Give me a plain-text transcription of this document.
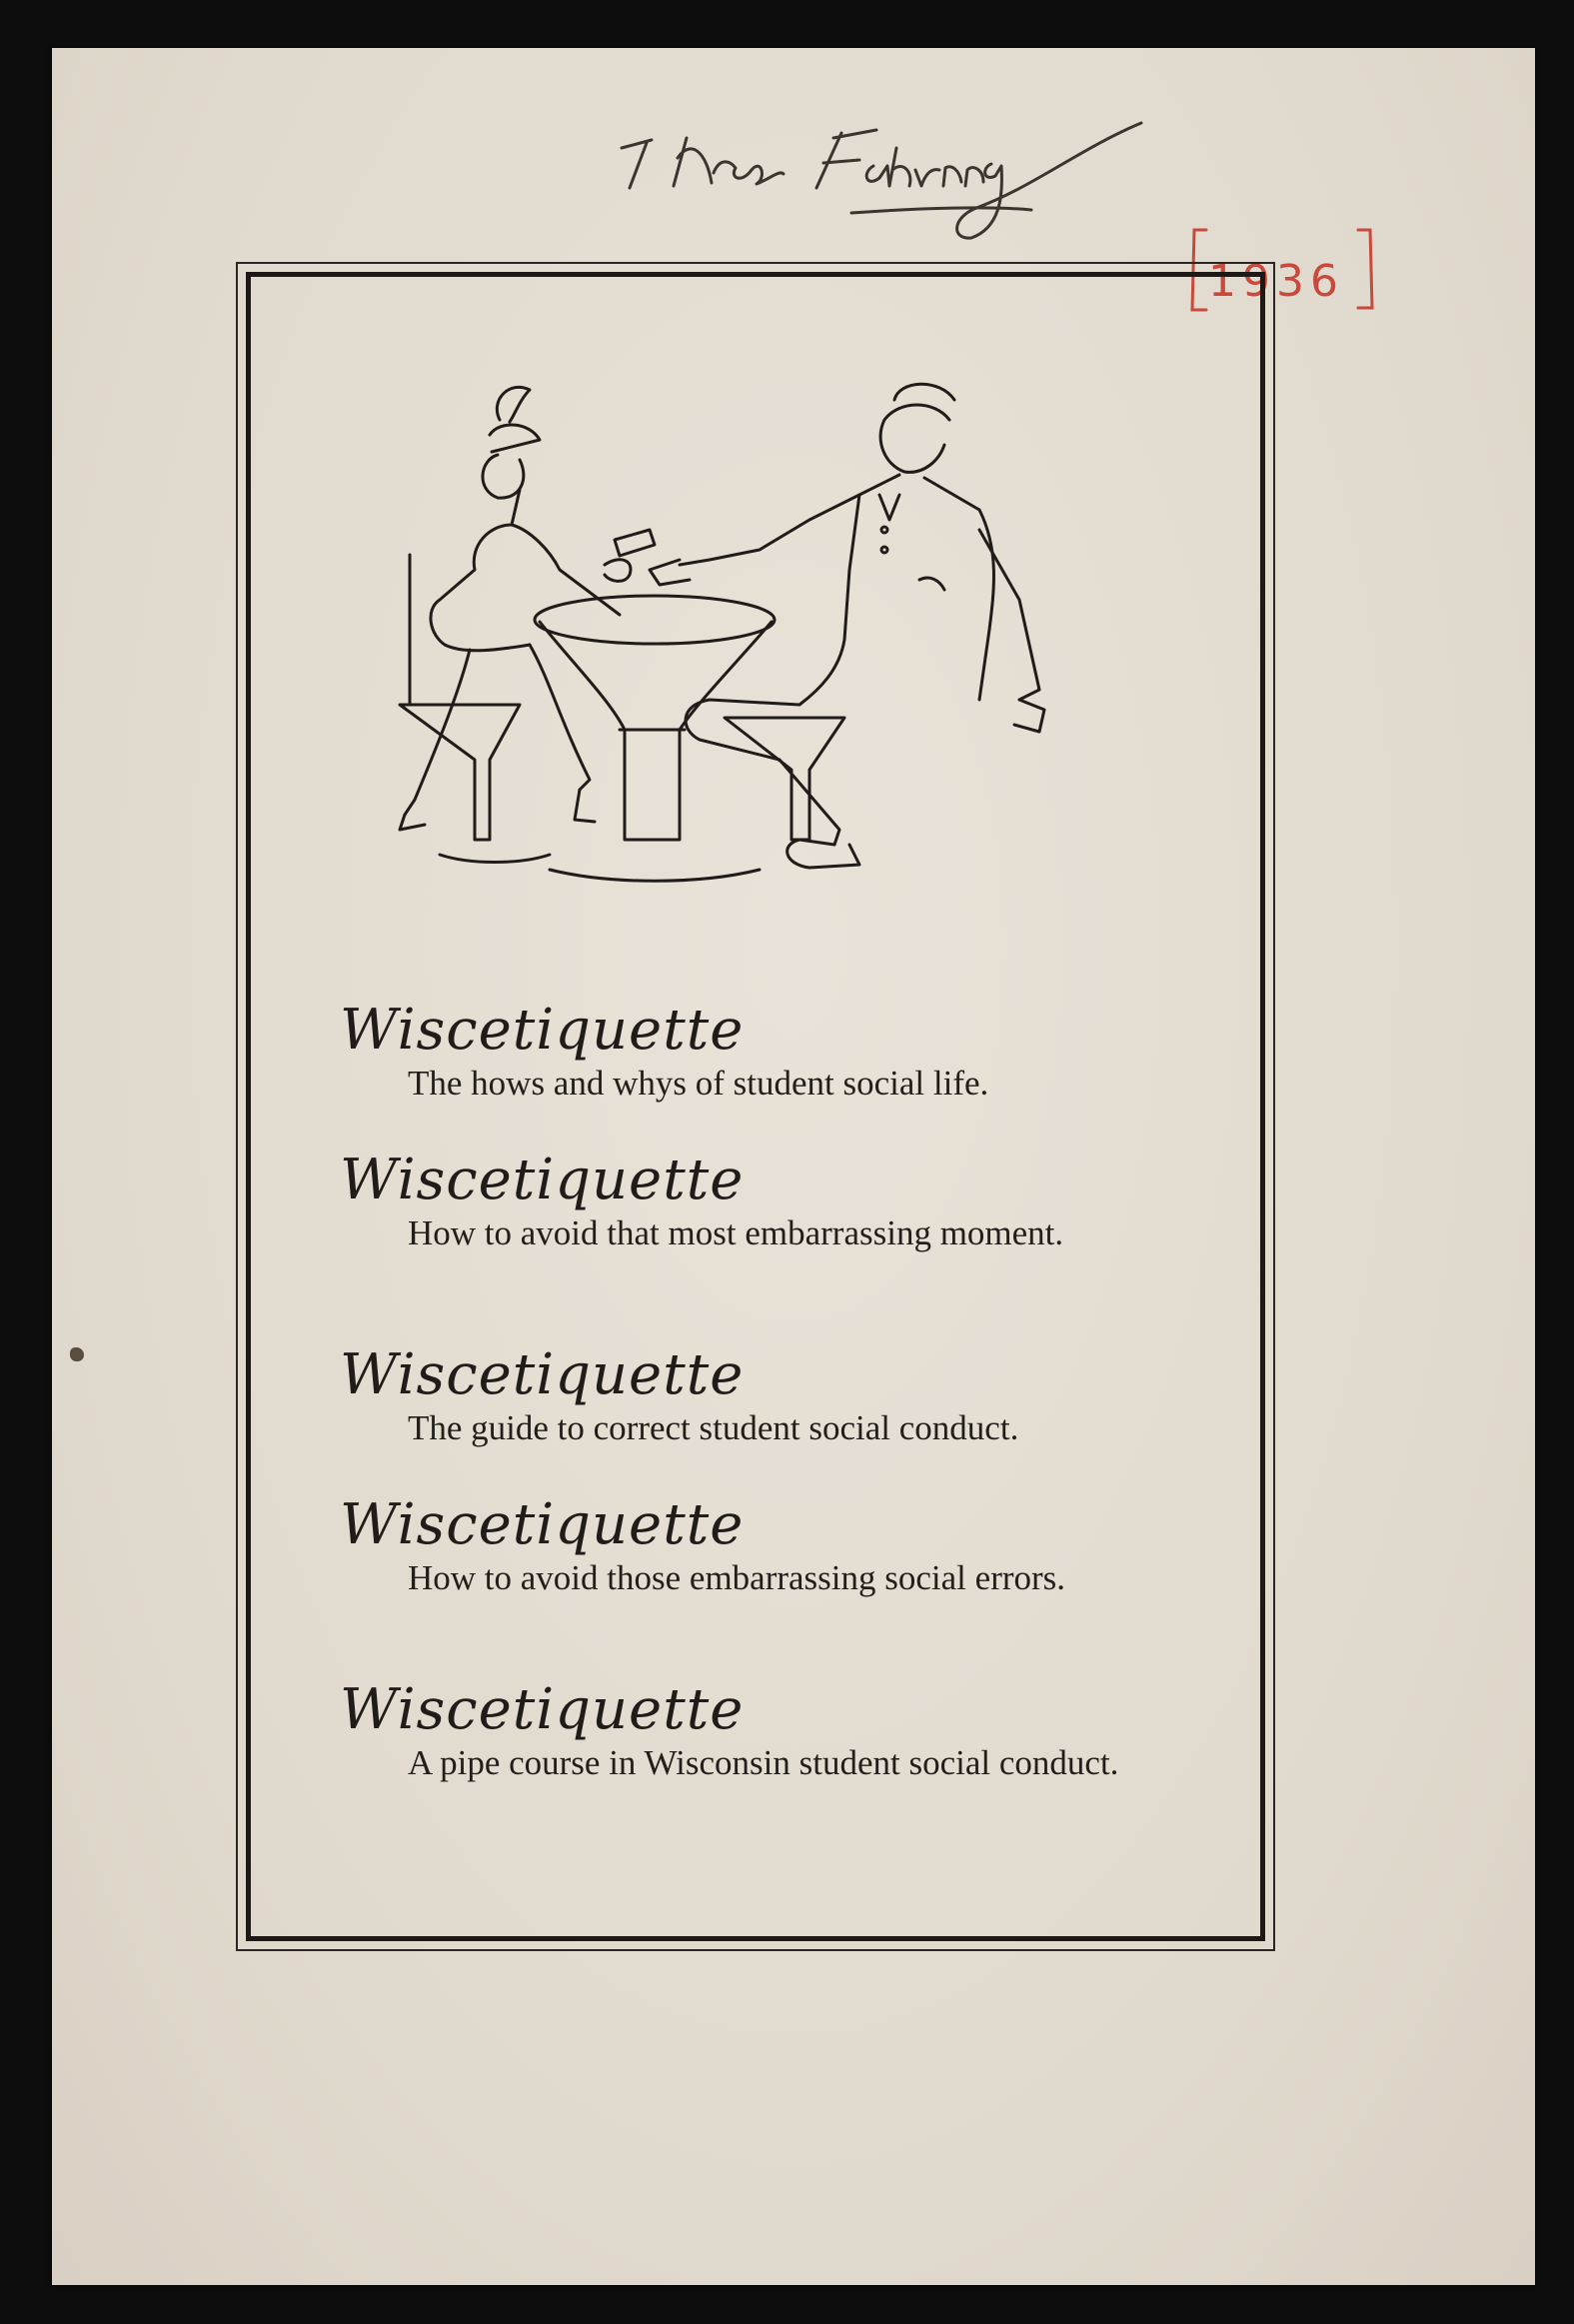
1936
Wiscetiquette
The hows and whys of student social life.
Wiscetiquette
How to avoid that most embarrassing moment.
Wiscetiquette
The guide to correct student social conduct.
Wiscetiquette
How to avoid those embarrassing social errors.
Wiscetiquette
A pipe course in Wisconsin student social conduct.
